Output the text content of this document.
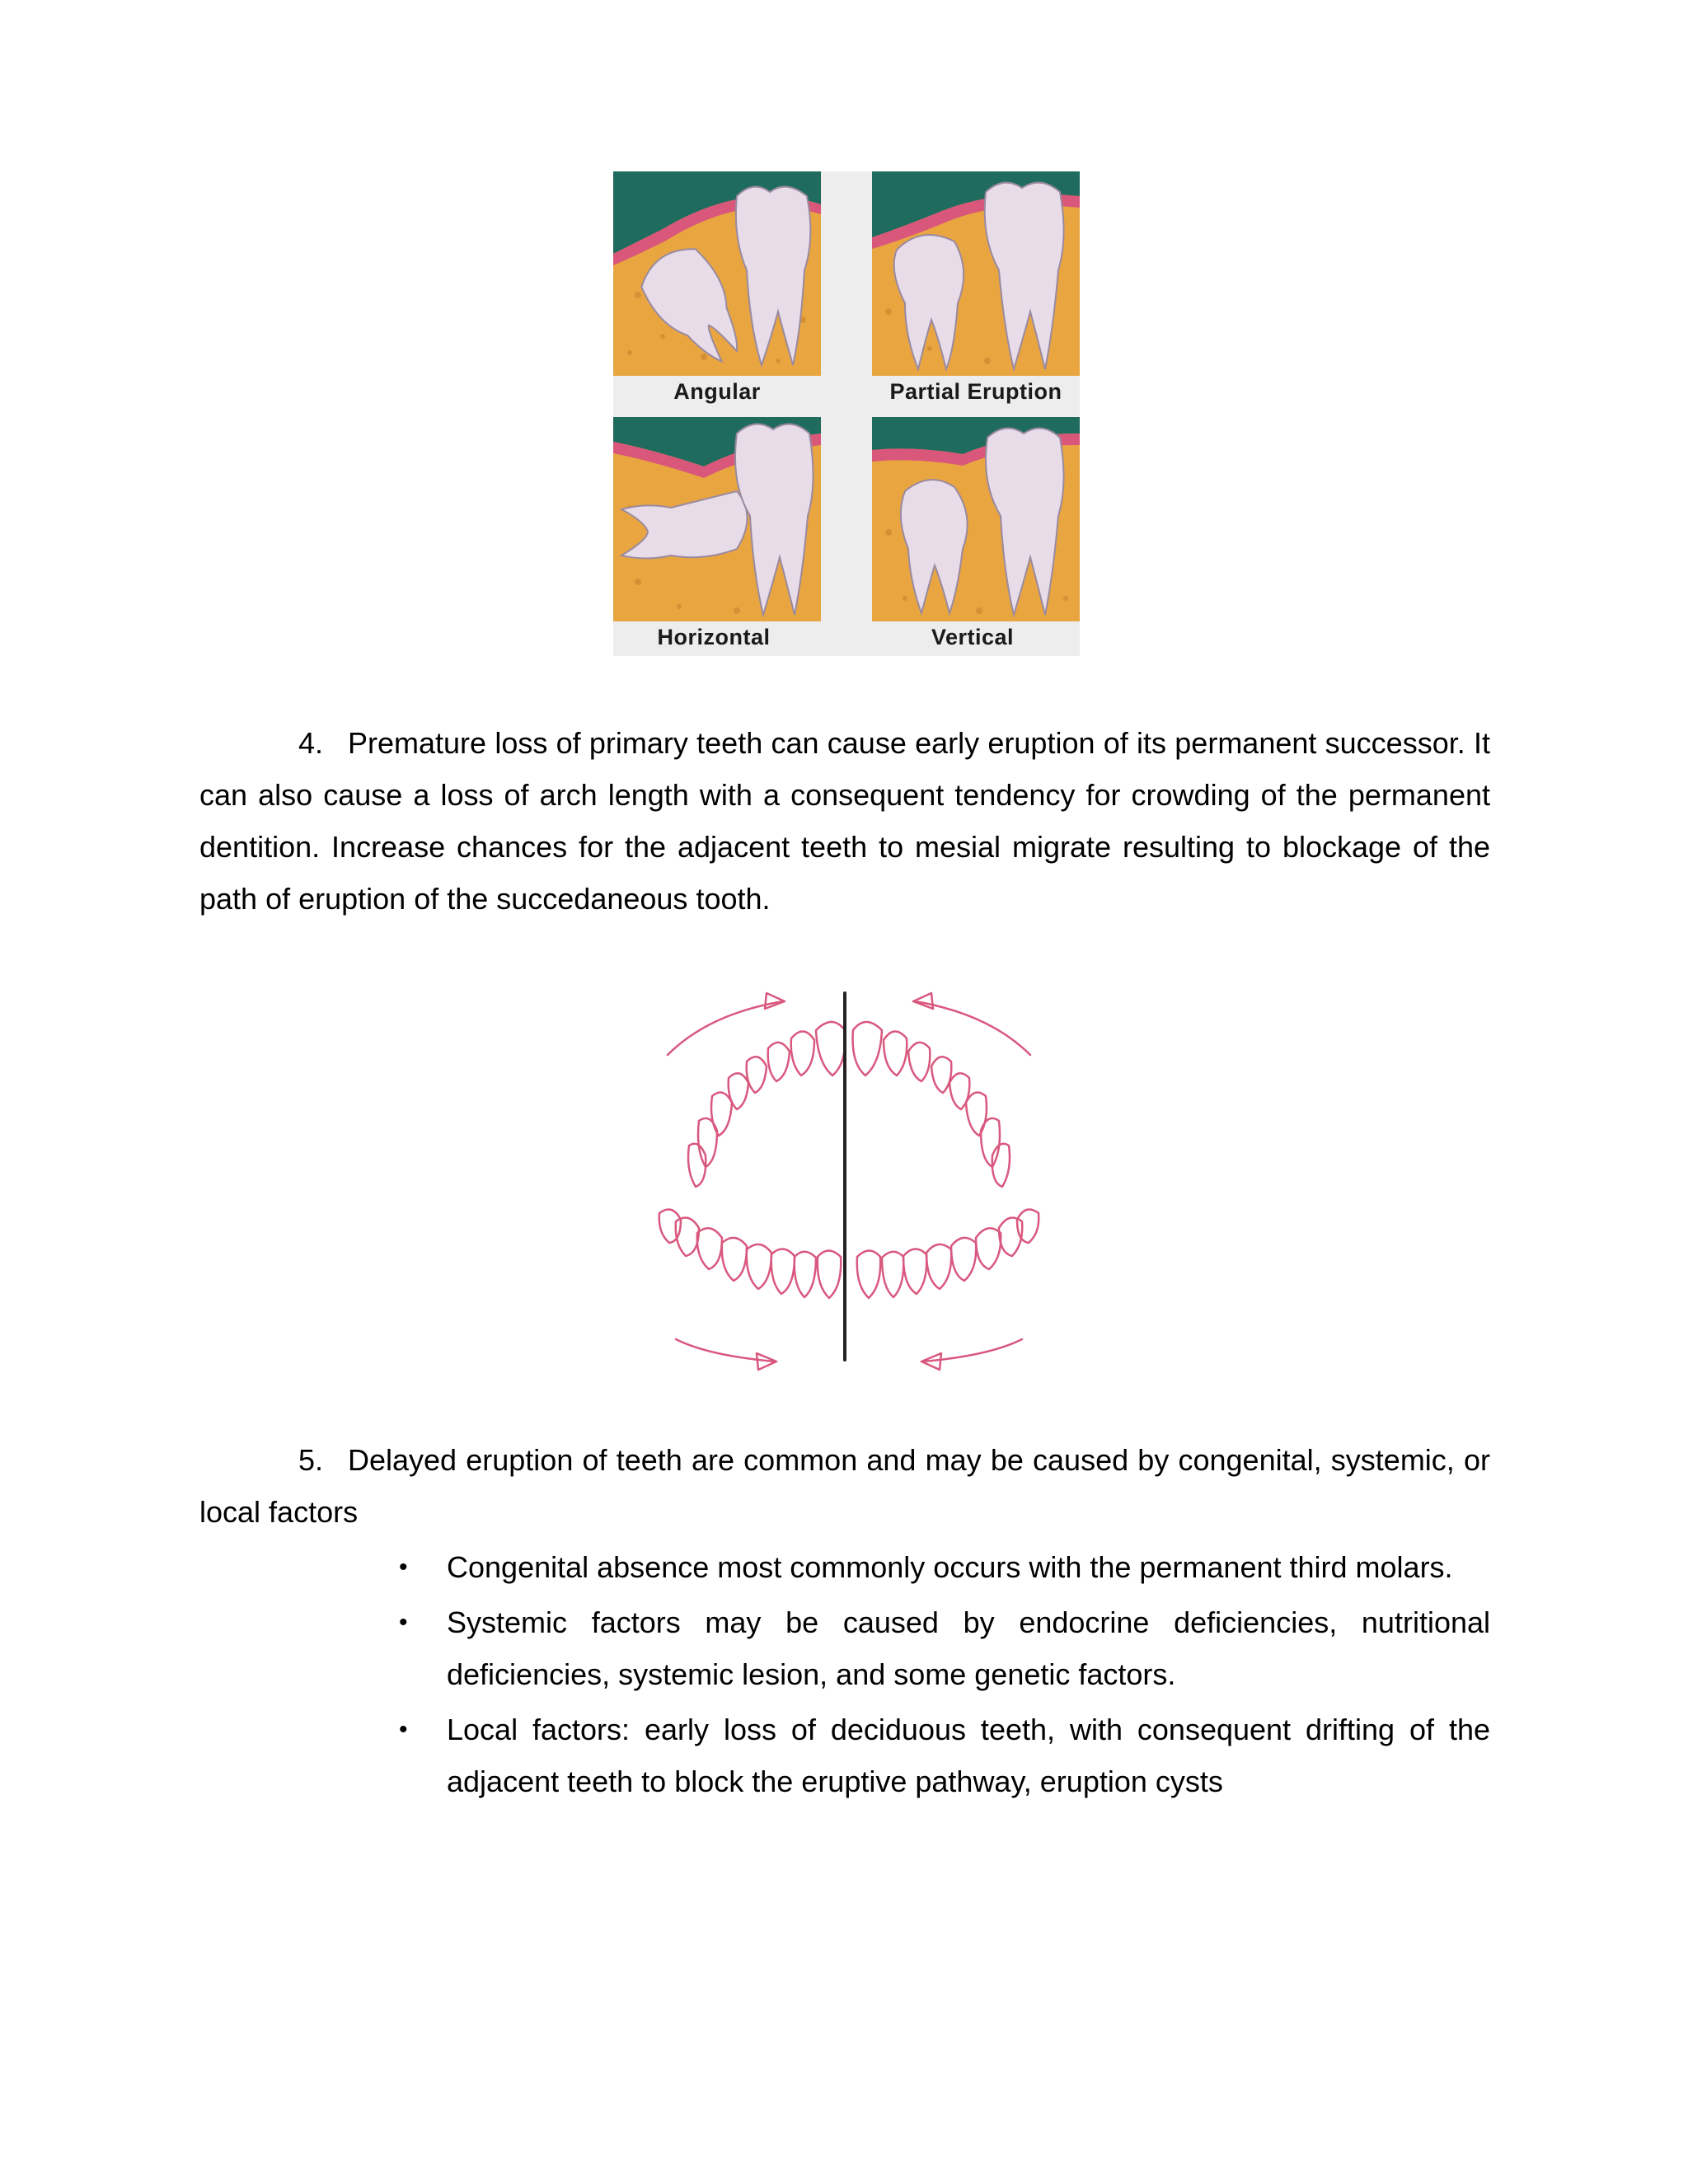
Angular	Partial Eruption
Horizontal	Vertical
4. Premature loss of primary teeth can cause early eruption of its permanent successor. It can also cause a loss of arch length with a consequent tendency for crowding of the permanent dentition. Increase chances for the adjacent teeth to mesial migrate resulting to blockage of the path of eruption of the succedaneous tooth.
5. Delayed eruption of teeth are common and may be caused by congenital, systemic, or local factors
• Congenital absence most commonly occurs with the permanent third molars.
• Systemic factors may be caused by endocrine deficiencies, nutritional deficiencies, systemic lesion, and some genetic factors.
• Local factors: early loss of deciduous teeth, with consequent drifting of the adjacent teeth to block the eruptive pathway, eruption cysts
